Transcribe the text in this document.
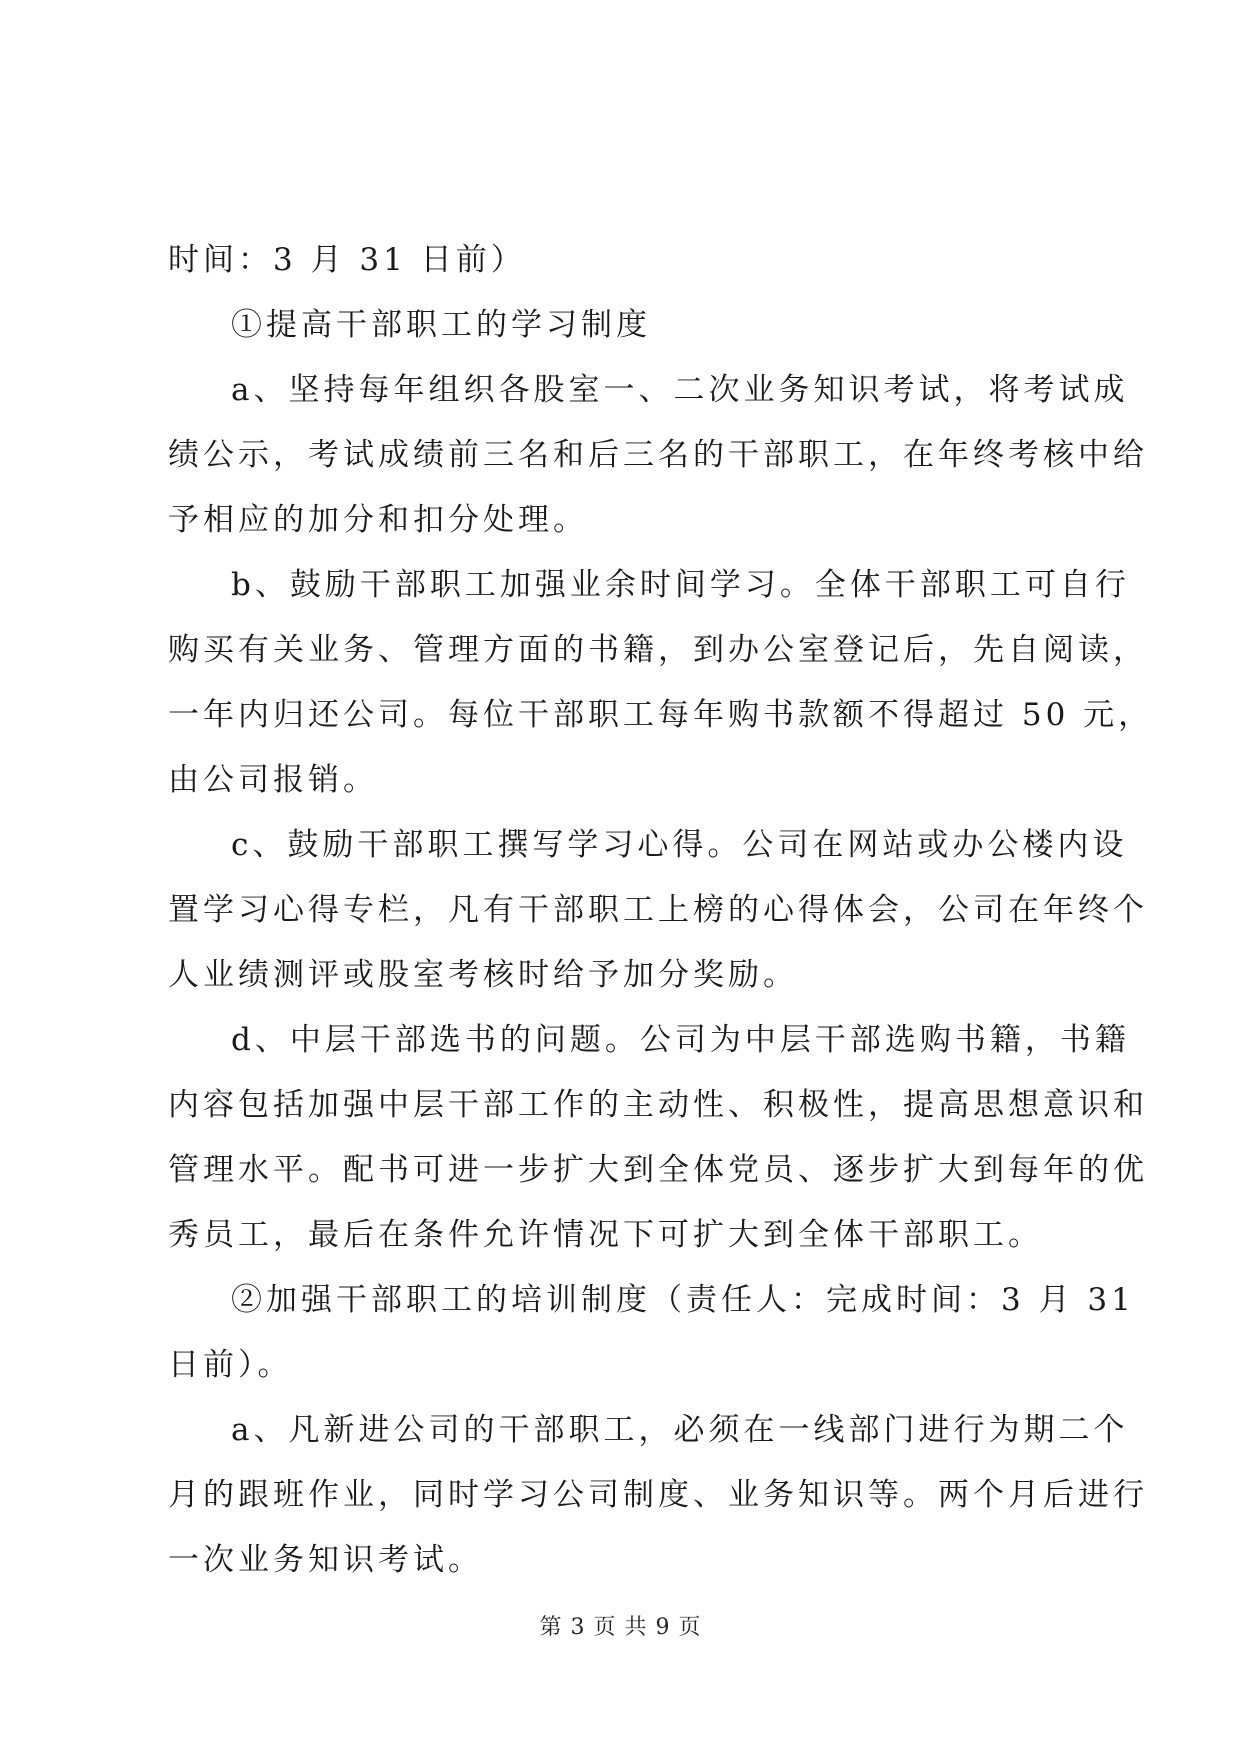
时间：3 月 31 日前）
①提高干部职工的学习制度
a、坚持每年组织各股室一、二次业务知识考试，将考试成
绩公示，考试成绩前三名和后三名的干部职工，在年终考核中给
予相应的加分和扣分处理。
b、鼓励干部职工加强业余时间学习。全体干部职工可自行
购买有关业务、管理方面的书籍，到办公室登记后，先自阅读，
一年内归还公司。每位干部职工每年购书款额不得超过 50 元，
由公司报销。
c、鼓励干部职工撰写学习心得。公司在网站或办公楼内设
置学习心得专栏，凡有干部职工上榜的心得体会，公司在年终个
人业绩测评或股室考核时给予加分奖励。
d、中层干部选书的问题。公司为中层干部选购书籍，书籍
内容包括加强中层干部工作的主动性、积极性，提高思想意识和
管理水平。配书可进一步扩大到全体党员、逐步扩大到每年的优
秀员工，最后在条件允许情况下可扩大到全体干部职工。
②加强干部职工的培训制度（责任人：完成时间：3 月 31
日前）。
a、凡新进公司的干部职工，必须在一线部门进行为期二个
月的跟班作业，同时学习公司制度、业务知识等。两个月后进行
一次业务知识考试。
第 3 页 共 9 页
